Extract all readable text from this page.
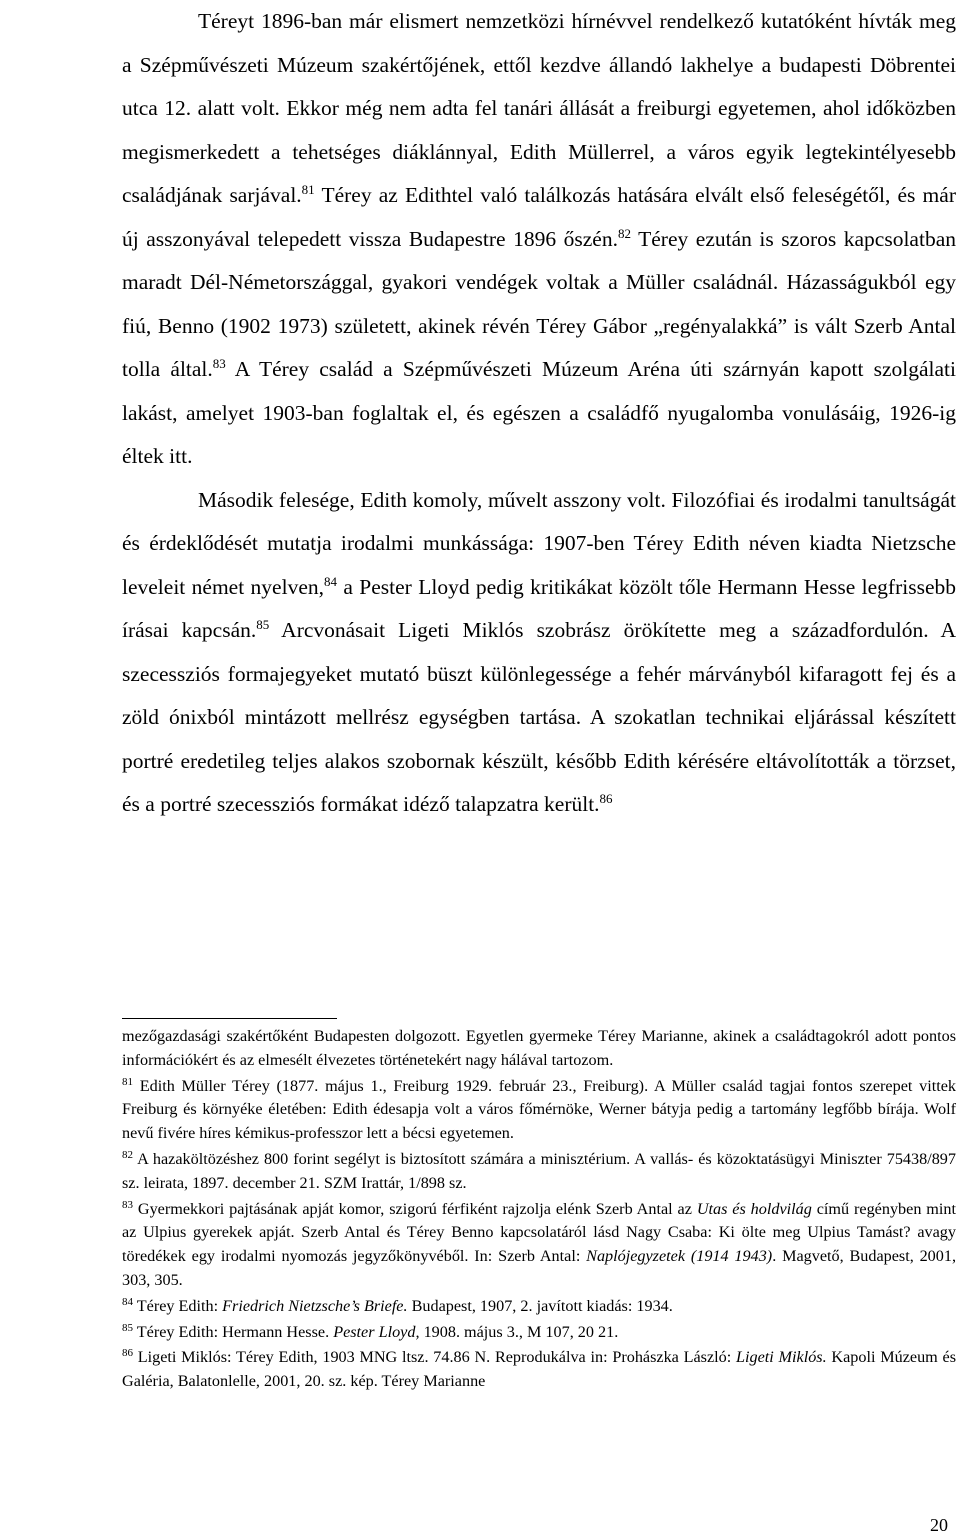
Téreyt 1896-ban már elismert nemzetközi hírnévvel rendelkező kutatóként hívták meg a Szépművészeti Múzeum szakértőjének, ettől kezdve állandó lakhelye a budapesti Döbrentei utca 12. alatt volt. Ekkor még nem adta fel tanári állását a freiburgi egyetemen, ahol időközben megismerkedett a tehetséges diáklánnyal, Edith Müllerrel, a város egyik legtekintélyesebb családjának sarjával.$^{81}$ Térey az Edithtel való találkozás hatására elvált első feleségétől, és már új asszonyával telepedett vissza Budapestre 1896 őszén.$^{82}$ Térey ezután is szoros kapcsolatban maradt Dél-Németországgal, gyakori vendégek voltak a Müller családnál. Házasságukból egy fiú, Benno (1902 1973) született, akinek révén Térey Gábor „regényalakká” is vált Szerb Antal tolla által.$^{83}$ A Térey család a Szépművészeti Múzeum Aréna úti szárnyán kapott szolgálati lakást, amelyet 1903-ban foglaltak el, és egészen a családfő nyugalomba vonulásáig, 1926-ig éltek itt.

Második felesége, Edith komoly, művelt asszony volt. Filozófiai és irodalmi tanultságát és érdeklődését mutatja irodalmi munkássága: 1907-ben Térey Edith néven kiadta Nietzsche leveleit német nyelven,$^{84}$ a Pester Lloyd pedig kritikákat közölt tőle Hermann Hesse legfrissebb írásai kapcsán.$^{85}$ Arcvonásait Ligeti Miklós szobrász örökítette meg a századfordulón. A szecessziós formajegyeket mutató büszt különlegessége a fehér márványból kifaragott fej és a zöld ónixból mintázott mellrész egységben tartása. A szokatlan technikai eljárással készített portré eredetileg teljes alakos szobornak készült, később Edith kérésére eltávolították a törzset, és a portré szecessziós formákat idéző talapzatra került.$^{86}$

mezőgazdasági szakértőként Budapesten dolgozott. Egyetlen gyermeke Térey Marianne, akinek a családtagokról adott pontos információkért és az elmesélt élvezetes történetekért nagy hálával tartozom.

$^{81}$ Edith Müller Térey (1877. május 1., Freiburg 1929. február 23., Freiburg). A Müller család tagjai fontos szerepet vittek Freiburg és környéke életében: Edith édesapja volt a város főmérnöke, Werner bátyja pedig a tartomány legfőbb bírája. Wolf nevű fivére híres kémikus-professzor lett a bécsi egyetemen.

$^{82}$ A hazaköltözéshez 800 forint segélyt is biztosított számára a minisztérium. A vallás- és közoktatásügyi Miniszter 75438/897 sz. leirata, 1897. december 21. SZM Irattár, 1/898 sz.

$^{83}$ Gyermekkori pajtásának apját komor, szigorú férfiként rajzolja elénk Szerb Antal az Utas és holdvilág című regényben mint az Ulpius gyerekek apját. Szerb Antal és Térey Benno kapcsolatáról lásd Nagy Csaba: Ki ölte meg Ulpius Tamást? avagy töredékek egy irodalmi nyomozás jegyzőkönyvéből. In: Szerb Antal: Naplójegyzetek (1914 1943). Magvető, Budapest, 2001, 303, 305.

$^{84}$ Térey Edith: Friedrich Nietzsche’s Briefe. Budapest, 1907, 2. javított kiadás: 1934.

$^{85}$ Térey Edith: Hermann Hesse. Pester Lloyd, 1908. május 3., M 107, 20 21.

$^{86}$ Ligeti Miklós: Térey Edith, 1903 MNG ltsz. 74.86 N. Reprodukálva in: Prohászka László: Ligeti Miklós. Kapoli Múzeum és Galéria, Balatonlelle, 2001, 20. sz. kép. Térey Marianne

20
